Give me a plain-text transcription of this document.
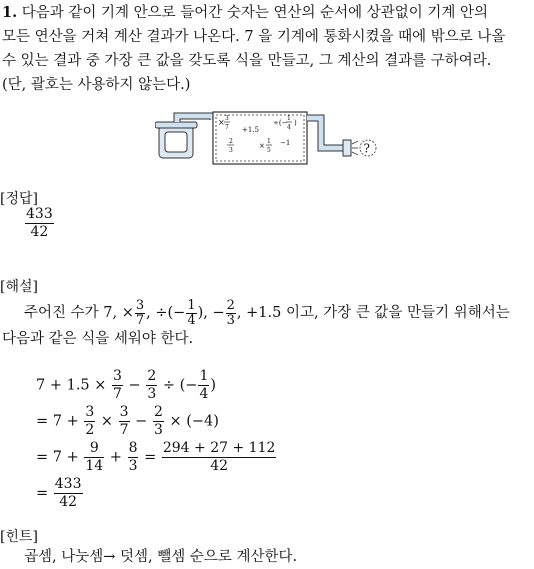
1. 다음과 같이 기계 안으로 들어간 숫자는 연산의 순서에 상관없이 기계 안의
모든 연산을 거쳐 계산 결과가 나온다. 7 을 기계에 통화시켰을 때에 밖으로 나올
수 있는 결과 중 가장 큰 값을 갖도록 식을 만들고, 그 계산의 결과를 구하여라.
(단, 괄호는 사용하지 않는다.)
× 3
7 +1.5
÷(−
1
4
)
2
3
×
1
5
−1	?
[정답]
$\frac{433}{42}$
[해설]
주어진 수가 7, × $\frac{3}{7}$ , ÷(− $\frac{1}{4}$ ), − $\frac{2}{3}$ , +1.5 이고, 가장 큰 값을 만들기 위해서는
다음과 같은 식을 세워야 한다.
$7 + 1.5 \times \frac{3}{7} - \frac{2}{3}$ ÷ (− $\frac{1}{4}$ )
= $7 + \frac{3}{2} \times \frac{3}{7} - \frac{2}{3} \times (-4)$
= $7 + \frac{9}{14} + \frac{8}{3} = \frac{294 + 27 + 112}{42}$
= $\frac{433}{42}$
[힌트]
곱셈, 나눗셈→ 덧셈, 뺄셈 순으로 계산한다.
